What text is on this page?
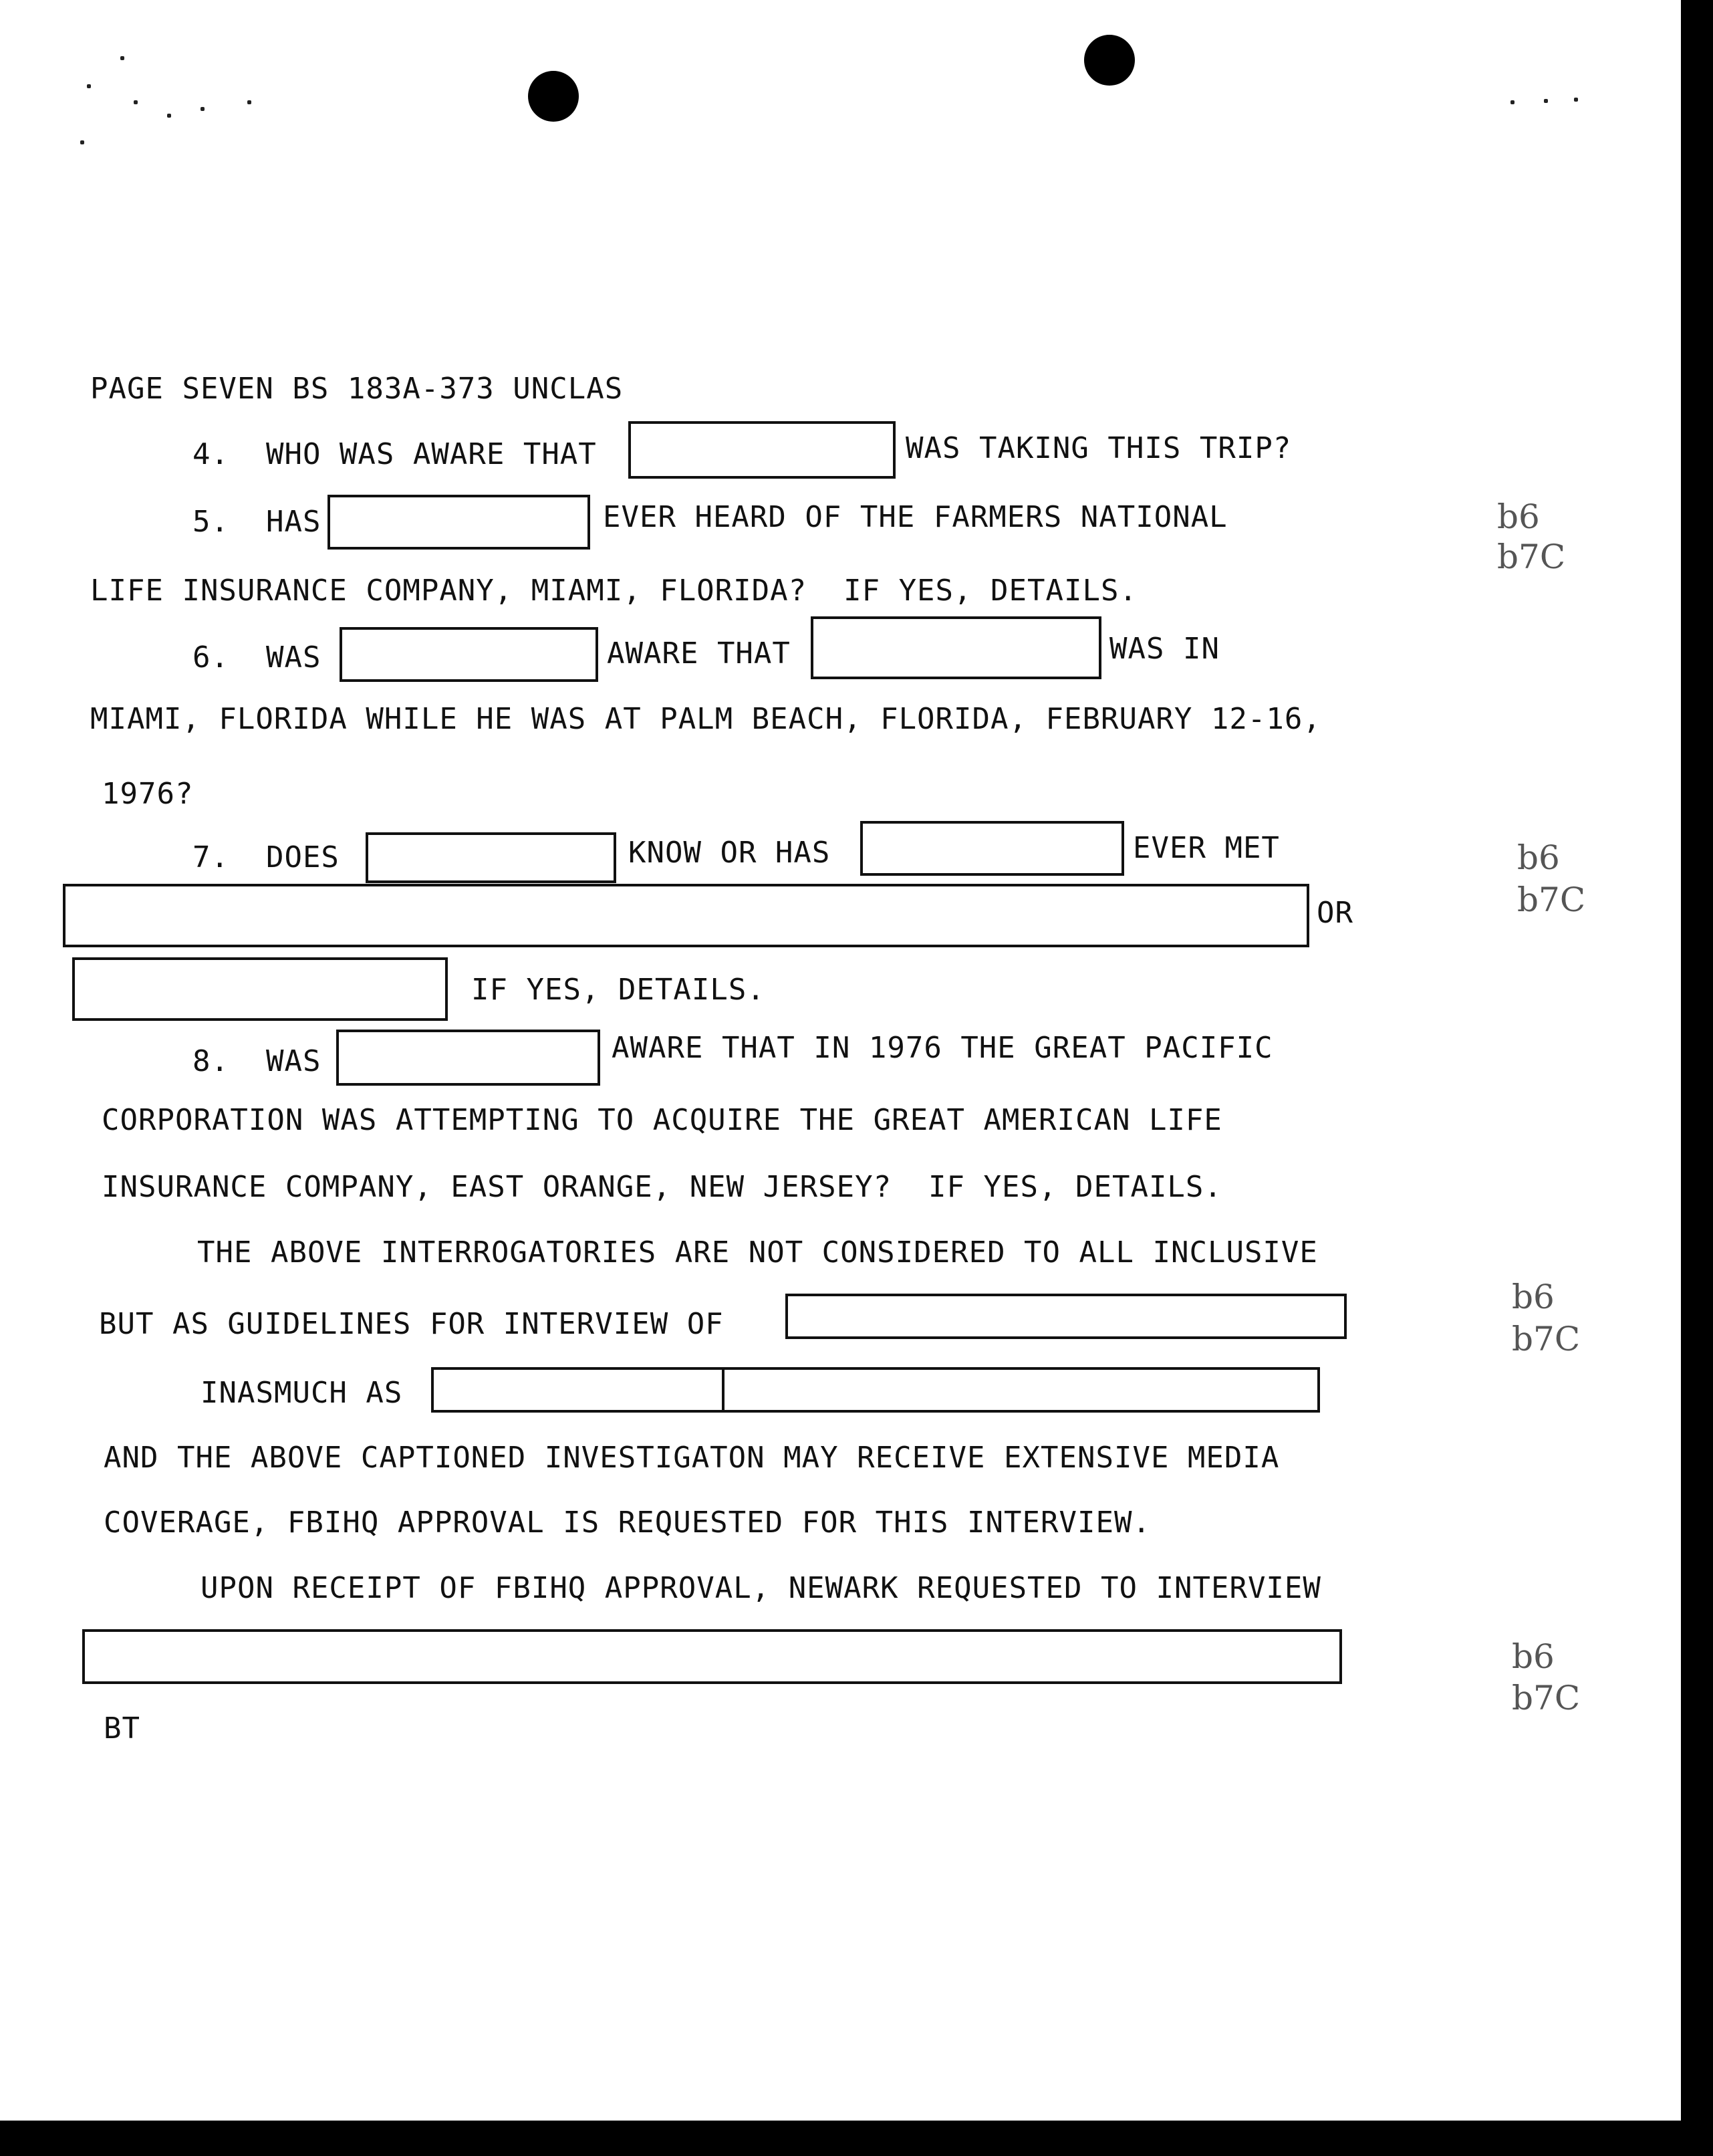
PAGE SEVEN BS 183A-373 UNCLAS
4.  WHO WAS AWARE THAT	WAS TAKING THIS TRIP?
5.  HAS	EVER HEARD OF THE FARMERS NATIONAL
LIFE INSURANCE COMPANY, MIAMI, FLORIDA?  IF YES, DETAILS.
6.  WAS	AWARE THAT	WAS IN
MIAMI, FLORIDA WHILE HE WAS AT PALM BEACH, FLORIDA, FEBRUARY 12-16,
1976?
7.  DOES	KNOW OR HAS	EVER MET
OR
IF YES, DETAILS.
8.  WAS	AWARE THAT IN 1976 THE GREAT PACIFIC
CORPORATION WAS ATTEMPTING TO ACQUIRE THE GREAT AMERICAN LIFE
INSURANCE COMPANY, EAST ORANGE, NEW JERSEY?  IF YES, DETAILS.
THE ABOVE INTERROGATORIES ARE NOT CONSIDERED TO ALL INCLUSIVE
BUT AS GUIDELINES FOR INTERVIEW OF
INASMUCH AS
AND THE ABOVE CAPTIONED INVESTIGATON MAY RECEIVE EXTENSIVE MEDIA
COVERAGE, FBIHQ APPROVAL IS REQUESTED FOR THIS INTERVIEW.
UPON RECEIPT OF FBIHQ APPROVAL, NEWARK REQUESTED TO INTERVIEW
BT
b6
b7C
b6
b7C
b6
b7C
b6
b7C
